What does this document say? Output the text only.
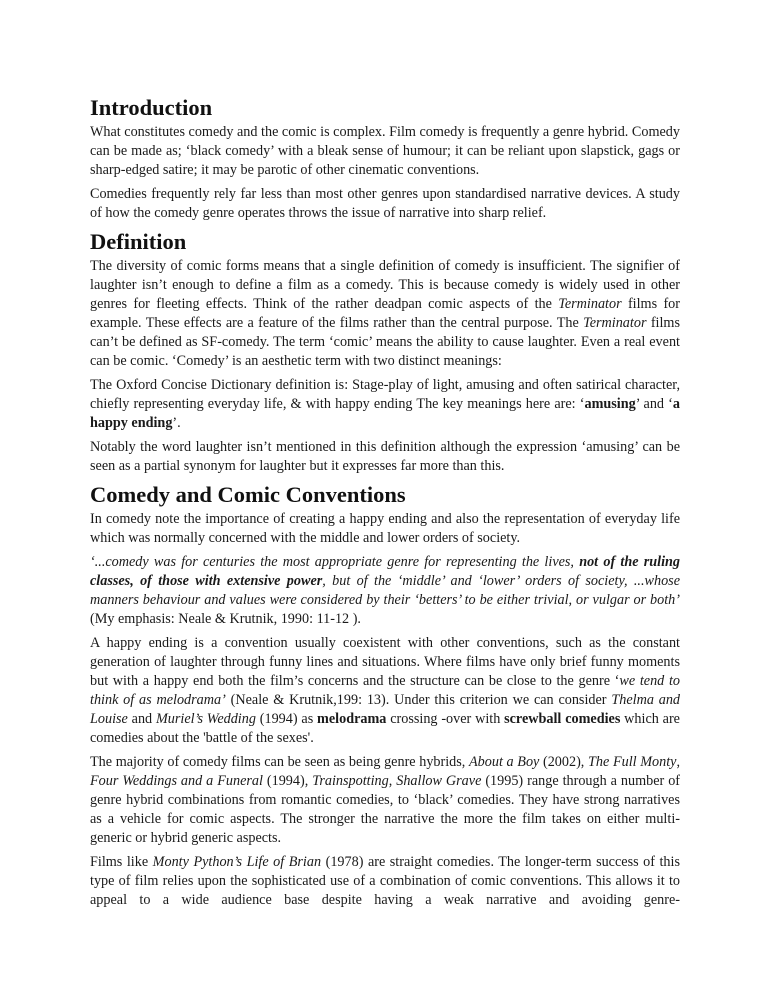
Introduction

What constitutes comedy and the comic is complex. Film comedy is frequently a genre hybrid. Comedy can be made as; ‘black comedy’ with a bleak sense of humour; it can be reliant upon slapstick, gags or sharp-edged satire; it may be parotic of other cinematic conventions.

Comedies frequently rely far less than most other genres upon standardised narrative devices. A study of how the comedy genre operates throws the issue of narrative into sharp relief.

Definition

The diversity of comic forms means that a single definition of comedy is insufficient. The signifier of laughter isn’t enough to define a film as a comedy. This is because comedy is widely used in other genres for fleeting effects. Think of the rather deadpan comic aspects of the Terminator films for example. These effects are a feature of the films rather than the central purpose. The Terminator films can’t be defined as SF-comedy. The term ‘comic’ means the ability to cause laughter. Even a real event can be comic. ‘Comedy’ is an aesthetic term with two distinct meanings:

The Oxford Concise Dictionary definition is: Stage-play of light, amusing and often satirical character, chiefly representing everyday life, & with happy ending The key meanings here are: ‘amusing’ and ‘a happy ending’.

Notably the word laughter isn’t mentioned in this definition although the expression ‘amusing’ can be seen as a partial synonym for laughter but it expresses far more than this.

Comedy and Comic Conventions

In comedy note the importance of creating a happy ending and also the representation of everyday life which was normally concerned with the middle and lower orders of society.

‘...comedy was for centuries the most appropriate genre for representing the lives, not of the ruling classes, of those with extensive power, but of the ‘middle’ and ‘lower’ orders of society, ...whose manners behaviour and values were considered by their ‘betters’ to be either trivial, or vulgar or both’ (My emphasis: Neale & Krutnik, 1990: 11-12 ).

A happy ending is a convention usually coexistent with other conventions, such as the constant generation of laughter through funny lines and situations. Where films have only brief funny moments but with a happy end both the film’s concerns and the structure can be close to the genre ‘we tend to think of as melodrama’ (Neale & Krutnik,199: 13). Under this criterion we can consider Thelma and Louise and Muriel’s Wedding (1994) as melodrama crossing -over with screwball comedies which are comedies about the 'battle of the sexes'.

The majority of comedy films can be seen as being genre hybrids, About a Boy (2002), The Full Monty, Four Weddings and a Funeral (1994), Trainspotting, Shallow Grave (1995) range through a number of genre hybrid combinations from romantic comedies, to ‘black’ comedies. They have strong narratives as a vehicle for comic aspects. The stronger the narrative the more the film takes on either multi-generic or hybrid generic aspects.

Films like Monty Python’s Life of Brian (1978) are straight comedies. The longer-term success of this type of film relies upon the sophisticated use of a combination of comic conventions. This allows it to appeal to a wide audience base despite having a weak narrative and avoiding genre-
